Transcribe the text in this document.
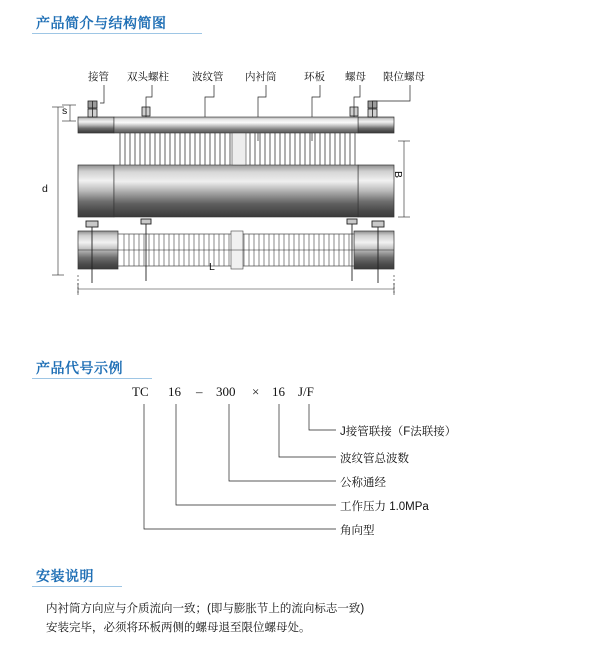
产品简介与结构简图
产品代号示例
安装说明
接管 双头螺柱 波纹管 内衬筒	环板 螺母 限位螺母
s
d
B
L
TC 16 – 300 × 16 J/F
J接管联接（F法联接）
波纹管总波数
公称通经
工作压力 1.0MPa
角向型
内衬筒方向应与介质流向一致；(即与膨胀节上的流向标志一致)
安装完毕，必须将环板两侧的螺母退至限位螺母处。
